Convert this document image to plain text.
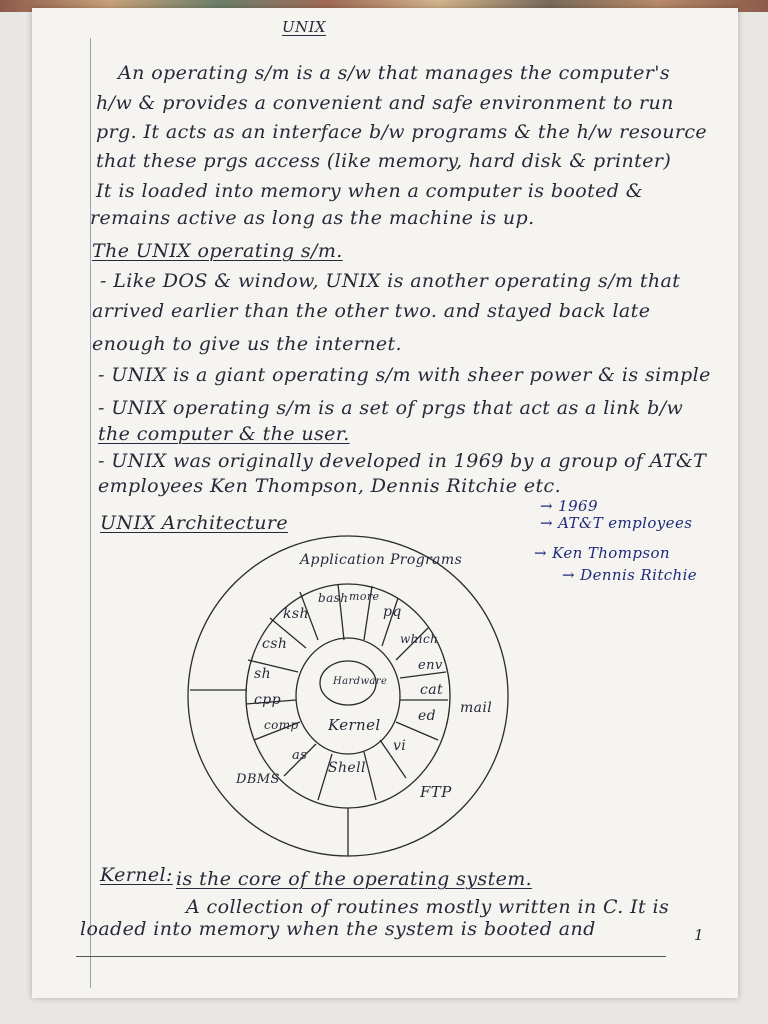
UNIX
An operating s/m is a s/w that manages the computer's
h/w & provides a convenient and safe environment to run
prg. It acts as an interface b/w programs & the h/w resource
that these prgs access (like memory, hard disk & printer)
It is loaded into memory when a computer is booted &
remains active as long as the machine is up.
The UNIX operating s/m.
- Like DOS & window, UNIX is another operating s/m that
arrived earlier than the other two. and stayed back late
enough to give us the internet.
- UNIX is a giant operating s/m with sheer power & is simple
- UNIX operating s/m is a set of prgs that act as a link b/w
the computer & the user.
- UNIX was originally developed in 1969 by a group of AT&T
employees Ken Thompson, Dennis Ritchie etc.
UNIX Architecture
→ 1969
→ AT&T employees
→ Ken Thompson
→ Dennis Ritchie
Application Programs
Hardware
Kernel
ksh
bash more
pq
which
env
cat
ed
vi
Shell
as
comp
cpp
sh
csh
mail
FTP
DBMS
Kernel: is the core of the operating system.
A collection of routines mostly written in C. It is
loaded into memory when the system is booted and	1
